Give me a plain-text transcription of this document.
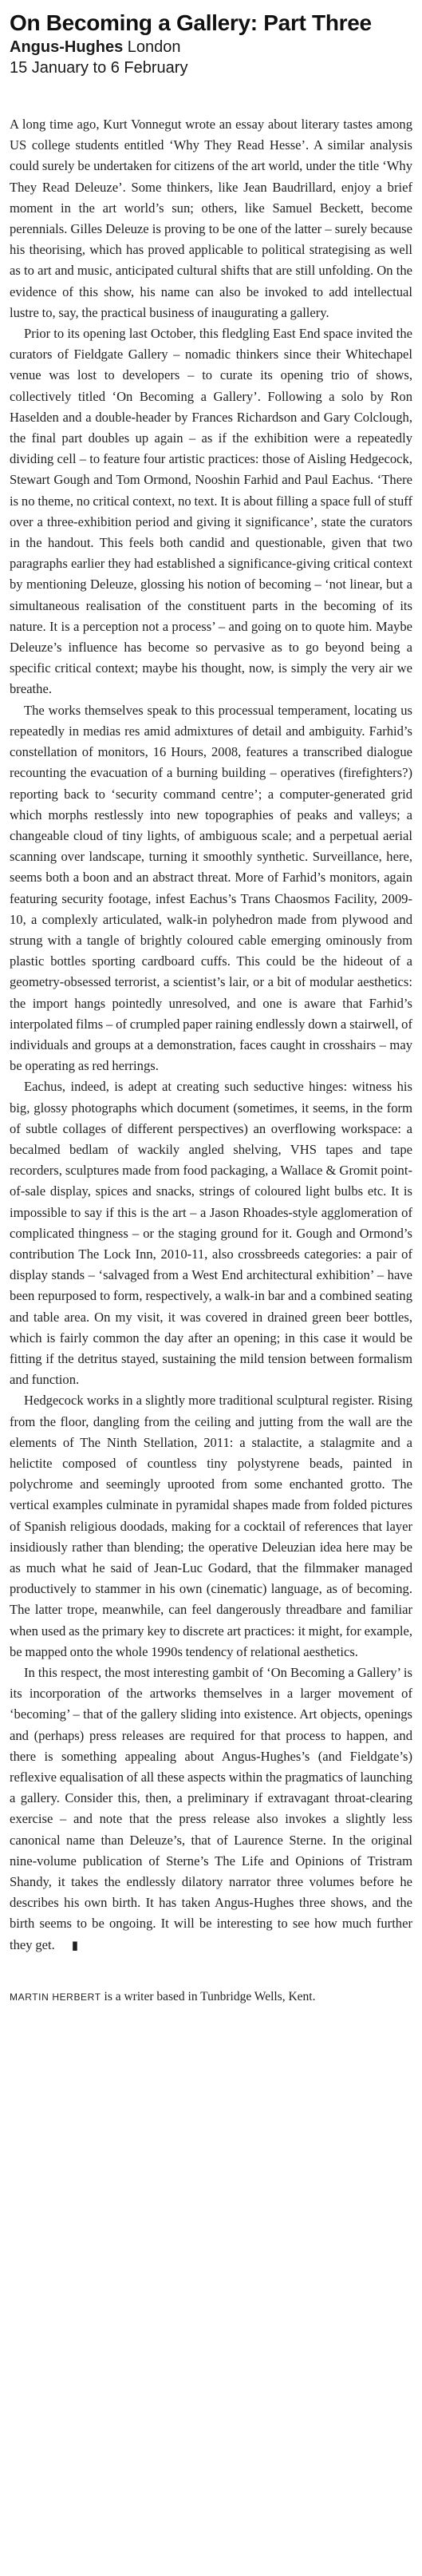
On Becoming a Gallery: Part Three

Angus-Hughes London

15 January to 6 February

A long time ago, Kurt Vonnegut wrote an essay about literary tastes among US college students entitled ‘Why They Read Hesse’. A similar analysis could surely be undertaken for citizens of the art world, under the title ‘Why They Read Deleuze’. Some thinkers, like Jean Baudrillard, enjoy a brief moment in the art world’s sun; others, like Samuel Beckett, become perennials. Gilles Deleuze is proving to be one of the latter – surely because his theorising, which has proved applicable to political strategising as well as to art and music, anticipated cultural shifts that are still unfolding. On the evidence of this show, his name can also be invoked to add intellectual lustre to, say, the practical business of inaugurating a gallery.

Prior to its opening last October, this fledgling East End space invited the curators of Fieldgate Gallery – nomadic thinkers since their Whitechapel venue was lost to developers – to curate its opening trio of shows, collectively titled ‘On Becoming a Gallery’. Following a solo by Ron Haselden and a double-header by Frances Richardson and Gary Colclough, the final part doubles up again – as if the exhibition were a repeatedly dividing cell – to feature four artistic practices: those of Aisling Hedgecock, Stewart Gough and Tom Ormond, Nooshin Farhid and Paul Eachus. ‘There is no theme, no critical context, no text. It is about filling a space full of stuff over a three-exhibition period and giving it significance’, state the curators in the handout. This feels both candid and questionable, given that two paragraphs earlier they had established a significance-giving critical context by mentioning Deleuze, glossing his notion of becoming – ‘not linear, but a simultaneous realisation of the constituent parts in the becoming of its nature. It is a perception not a process’ – and going on to quote him. Maybe Deleuze’s influence has become so pervasive as to go beyond being a specific critical context; maybe his thought, now, is simply the very air we breathe.

The works themselves speak to this processual temperament, locating us repeatedly in medias res amid admixtures of detail and ambiguity. Farhid’s constellation of monitors, 16 Hours, 2008, features a transcribed dialogue recounting the evacuation of a burning building – operatives (firefighters?) reporting back to ‘security command centre’; a computer-generated grid which morphs restlessly into new topographies of peaks and valleys; a changeable cloud of tiny lights, of ambiguous scale; and a perpetual aerial scanning over landscape, turning it smoothly synthetic. Surveillance, here, seems both a boon and an abstract threat. More of Farhid’s monitors, again featuring security footage, infest Eachus’s Trans Chaosmos Facility, 2009-10, a complexly articulated, walk-in polyhedron made from plywood and strung with a tangle of brightly coloured cable emerging ominously from plastic bottles sporting cardboard cuffs. This could be the hideout of a geometry-obsessed terrorist, a scientist’s lair, or a bit of modular aesthetics: the import hangs pointedly unresolved, and one is aware that Farhid’s interpolated films – of crumpled paper raining endlessly down a stairwell, of individuals and groups at a demonstration, faces caught in crosshairs – may be operating as red herrings.

Eachus, indeed, is adept at creating such seductive hinges: witness his big, glossy photographs which document (sometimes, it seems, in the form of subtle collages of different perspectives) an overflowing workspace: a becalmed bedlam of wackily angled shelving, VHS tapes and tape recorders, sculptures made from food packaging, a Wallace & Gromit point-of-sale display, spices and snacks, strings of coloured light bulbs etc. It is impossible to say if this is the art – a Jason Rhoades-style agglomeration of complicated thingness – or the staging ground for it. Gough and Ormond’s contribution The Lock Inn, 2010-11, also crossbreeds categories: a pair of display stands – ‘salvaged from a West End architectural exhibition’ – have been repurposed to form, respectively, a walk-in bar and a combined seating and table area. On my visit, it was covered in drained green beer bottles, which is fairly common the day after an opening; in this case it would be fitting if the detritus stayed, sustaining the mild tension between formalism and function.

Hedgecock works in a slightly more traditional sculptural register. Rising from the floor, dangling from the ceiling and jutting from the wall are the elements of The Ninth Stellation, 2011: a stalactite, a stalagmite and a helictite composed of countless tiny polystyrene beads, painted in polychrome and seemingly uprooted from some enchanted grotto. The vertical examples culminate in pyramidal shapes made from folded pictures of Spanish religious doodads, making for a cocktail of references that layer insidiously rather than blending; the operative Deleuzian idea here may be as much what he said of Jean-Luc Godard, that the filmmaker managed productively to stammer in his own (cinematic) language, as of becoming. The latter trope, meanwhile, can feel dangerously threadbare and familiar when used as the primary key to discrete art practices: it might, for example, be mapped onto the whole 1990s tendency of relational aesthetics.

In this respect, the most interesting gambit of ‘On Becoming a Gallery’ is its incorporation of the artworks themselves in a larger movement of ‘becoming’ – that of the gallery sliding into existence. Art objects, openings and (perhaps) press releases are required for that process to happen, and there is something appealing about Angus-Hughes’s (and Fieldgate’s) reflexive equalisation of all these aspects within the pragmatics of launching a gallery. Consider this, then, a preliminary if extravagant throat-clearing exercise – and note that the press release also invokes a slightly less canonical name than Deleuze’s, that of Laurence Sterne. In the original nine-volume publication of Sterne’s The Life and Opinions of Tristram Shandy, it takes the endlessly dilatory narrator three volumes before he describes his own birth. It has taken Angus-Hughes three shows, and the birth seems to be ongoing. It will be interesting to see how much further they get. ▮

MARTIN HERBERT is a writer based in Tunbridge Wells, Kent.
